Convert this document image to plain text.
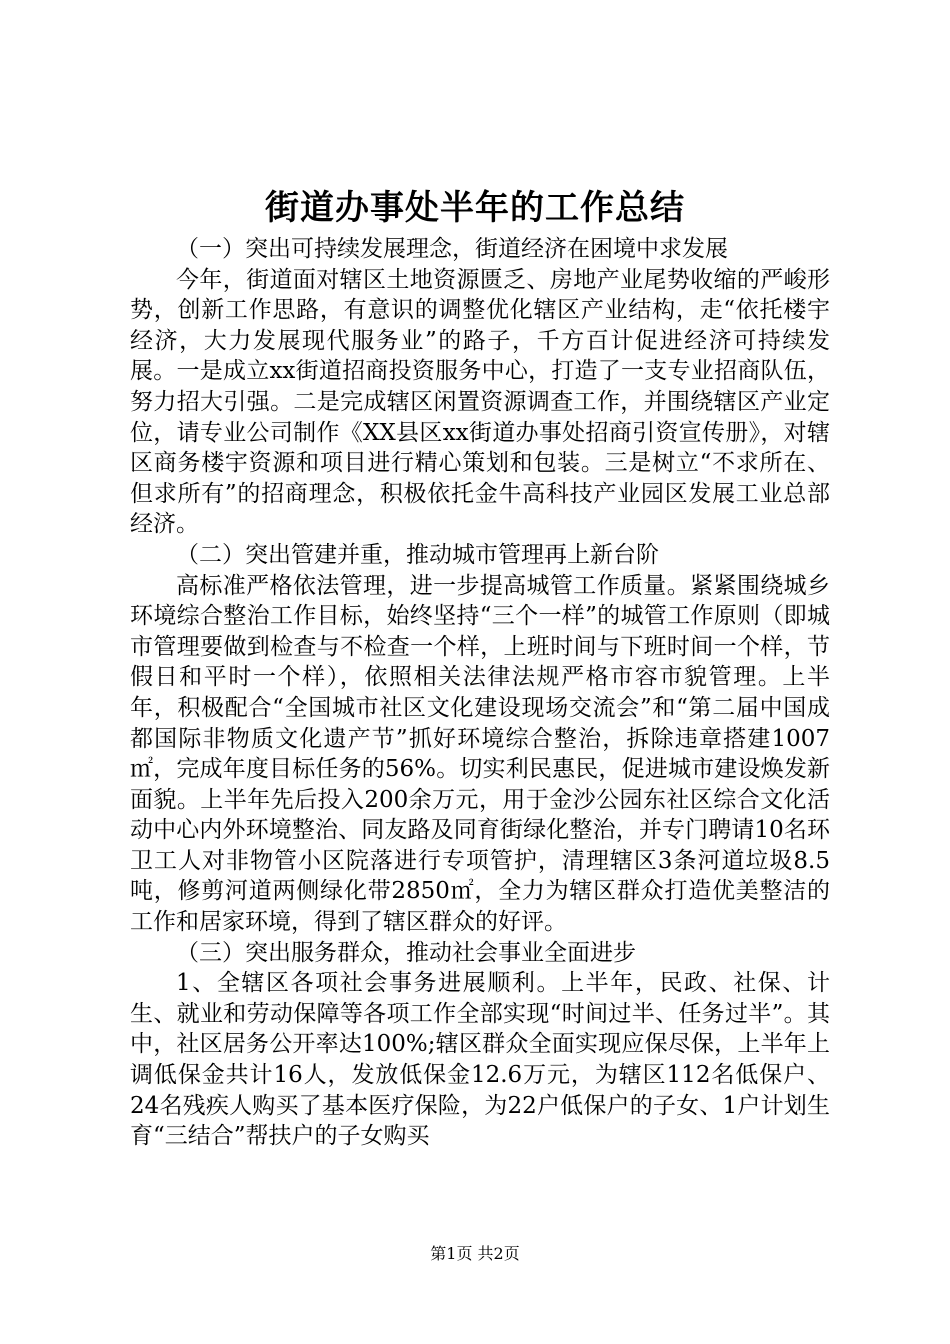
街道办事处半年的工作总结

（一）突出可持续发展理念，街道经济在困境中求发展

今年，街道面对辖区土地资源匮乏、房地产业尾势收缩的严峻形势，创新工作思路，有意识的调整优化辖区产业结构，走“依托楼宇经济，大力发展现代服务业”的路子，千方百计促进经济可持续发展。一是成立xx街道招商投资服务中心，打造了一支专业招商队伍，努力招大引强。二是完成辖区闲置资源调查工作，并围绕辖区产业定位，请专业公司制作《XX县区xx街道办事处招商引资宣传册》，对辖区商务楼宇资源和项目进行精心策划和包装。三是树立“不求所在、但求所有”的招商理念，积极依托金牛高科技产业园区发展工业总部经济。

（二）突出管建并重，推动城市管理再上新台阶

高标准严格依法管理，进一步提高城管工作质量。紧紧围绕城乡环境综合整治工作目标，始终坚持“三个一样”的城管工作原则（即城市管理要做到检查与不检查一个样，上班时间与下班时间一个样，节假日和平时一个样），依照相关法律法规严格市容市貌管理。上半年，积极配合“全国城市社区文化建设现场交流会”和“第二届中国成都国际非物质文化遗产节”抓好环境综合整治，拆除违章搭建1007㎡，完成年度目标任务的56%。切实利民惠民，促进城市建设焕发新面貌。上半年先后投入200余万元，用于金沙公园东社区综合文化活动中心内外环境整治、同友路及同育街绿化整治，并专门聘请10名环卫工人对非物管小区院落进行专项管护，清理辖区3条河道垃圾8.5吨，修剪河道两侧绿化带2850㎡，全力为辖区群众打造优美整洁的工作和居家环境，得到了辖区群众的好评。

（三）突出服务群众，推动社会事业全面进步

1、全辖区各项社会事务进展顺利。上半年，民政、社保、计生、就业和劳动保障等各项工作全部实现“时间过半、任务过半”。其中，社区居务公开率达100%;辖区群众全面实现应保尽保，上半年上调低保金共计16人，发放低保金12.6万元，为辖区112名低保户、24名残疾人购买了基本医疗保险，为22户低保户的子女、1户计划生育“三结合”帮扶户的子女购买

第1页 共2页
